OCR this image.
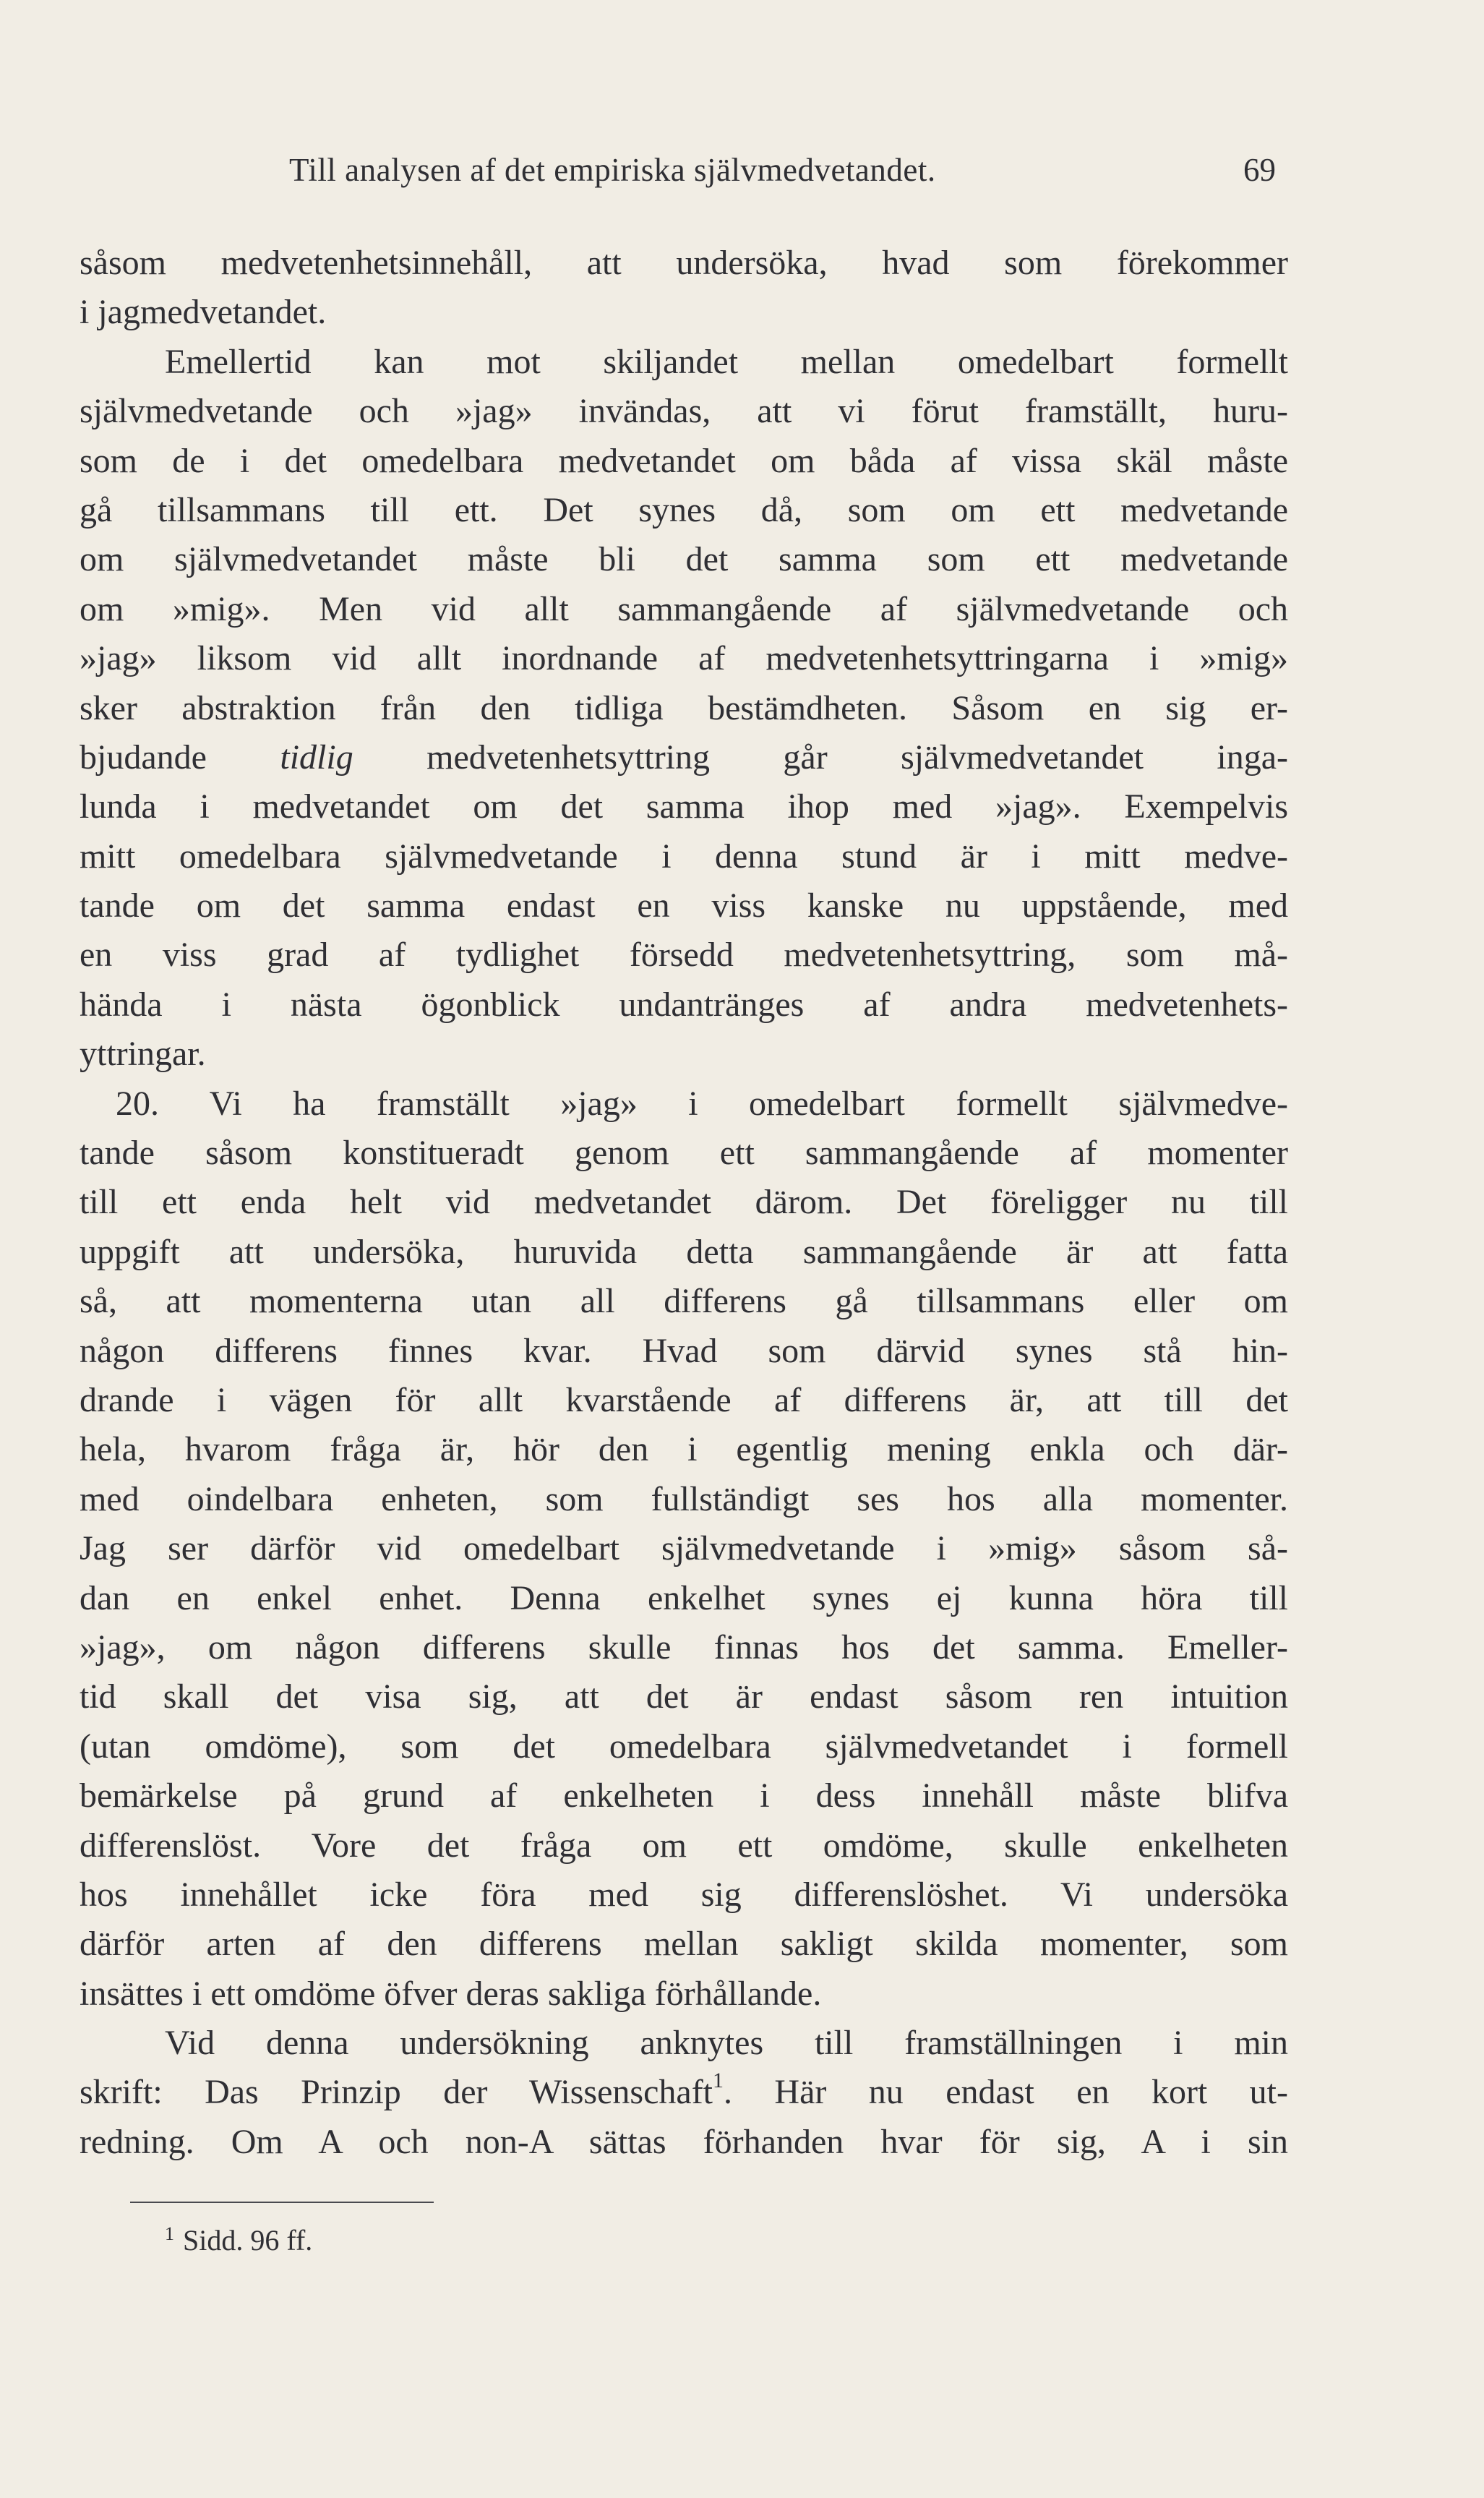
Till analysen af det empiriska självmedvetandet.	69
såsom medvetenhetsinnehåll, att undersöka, hvad som förekommer
i jagmedvetandet.
Emellertid kan mot skiljandet mellan omedelbart formellt
självmedvetande och »jag» invändas, att vi förut framställt, huru-
som de i det omedelbara medvetandet om båda af vissa skäl måste
gå tillsammans till ett. Det synes då, som om ett medvetande
om självmedvetandet måste bli det samma som ett medvetande
om »mig». Men vid allt sammangående af självmedvetande och
»jag» liksom vid allt inordnande af medvetenhetsyttringarna i »mig»
sker abstraktion från den tidliga bestämdheten. Såsom en sig er-
bjudande tidlig medvetenhetsyttring går självmedvetandet inga-
lunda i medvetandet om det samma ihop med »jag». Exempelvis
mitt omedelbara självmedvetande i denna stund är i mitt medve-
tande om det samma endast en viss kanske nu uppstående, med
en viss grad af tydlighet försedd medvetenhetsyttring, som må-
hända i nästa ögonblick undantränges af andra medvetenhets-
yttringar.
20. Vi ha framställt »jag» i omedelbart formellt självmedve-
tande såsom konstitueradt genom ett sammangående af momenter
till ett enda helt vid medvetandet därom. Det föreligger nu till
uppgift att undersöka, huruvida detta sammangående är att fatta
så, att momenterna utan all differens gå tillsammans eller om
någon differens finnes kvar. Hvad som därvid synes stå hin-
drande i vägen för allt kvarstående af differens är, att till det
hela, hvarom fråga är, hör den i egentlig mening enkla och där-
med oindelbara enheten, som fullständigt ses hos alla momenter.
Jag ser därför vid omedelbart självmedvetande i »mig» såsom så-
dan en enkel enhet. Denna enkelhet synes ej kunna höra till
»jag», om någon differens skulle finnas hos det samma. Emeller-
tid skall det visa sig, att det är endast såsom ren intuition
(utan omdöme), som det omedelbara självmedvetandet i formell
bemärkelse på grund af enkelheten i dess innehåll måste blifva
differenslöst. Vore det fråga om ett omdöme, skulle enkelheten
hos innehållet icke föra med sig differenslöshet. Vi undersöka
därför arten af den differens mellan sakligt skilda momenter, som
insättes i ett omdöme öfver deras sakliga förhållande.
Vid denna undersökning anknytes till framställningen i min
skrift: Das Prinzip der Wissenschaft$^1$. Här nu endast en kort ut-
redning. Om A och non-A sättas förhanden hvar för sig, A i sin
$^1$ Sidd. 96 ff.
